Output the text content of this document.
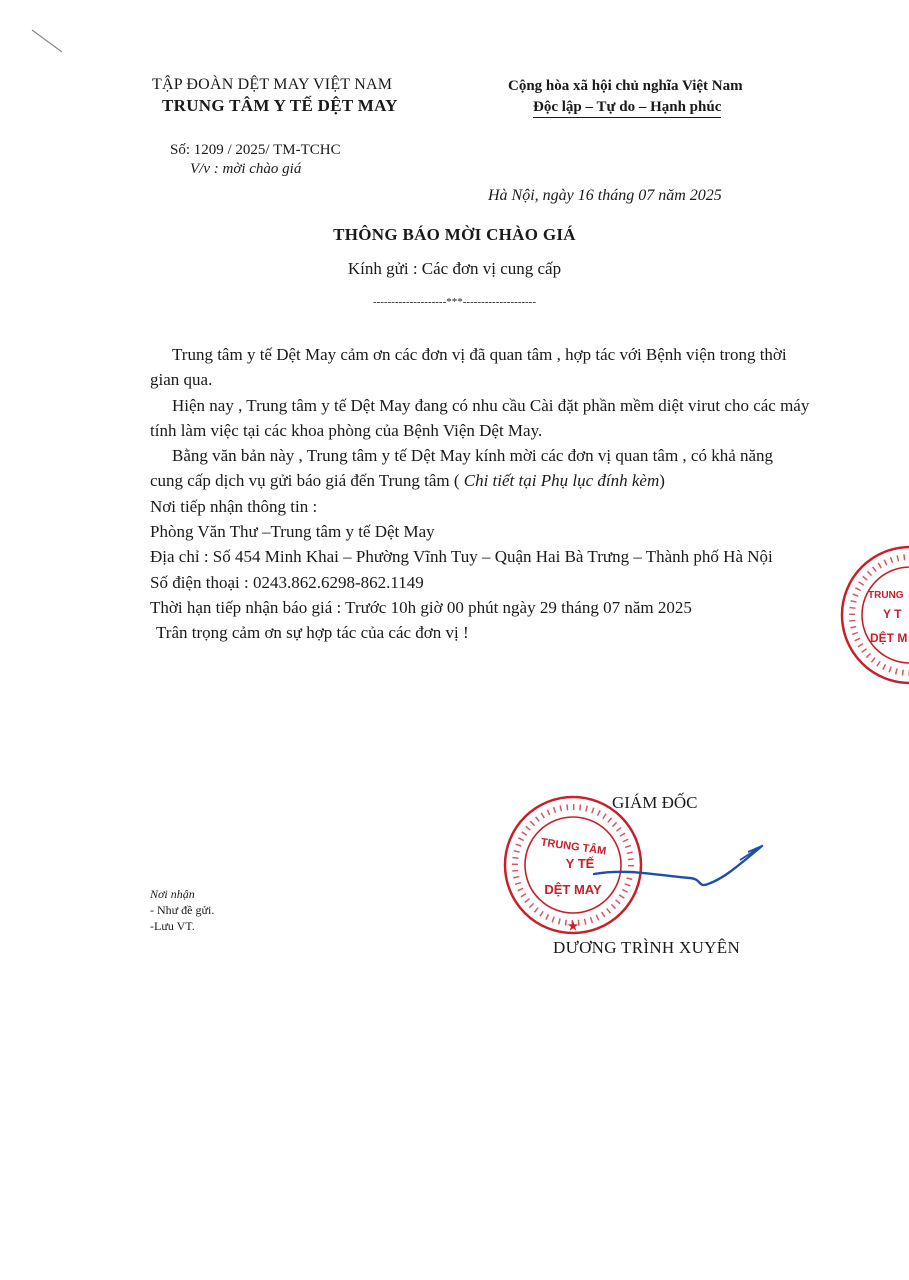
TẬP ĐOÀN DỆT MAY VIỆT NAM
TRUNG TÂM Y TẾ DỆT MAY
Cộng hòa xã hội chủ nghĩa Việt Nam
Độc lập – Tự do – Hạnh phúc
Số: 1209 / 2025/ TM-TCHC
V/v : mời chào giá
Hà Nội, ngày 16 tháng 07 năm 2025
THÔNG BÁO MỜI CHÀO GIÁ
Kính gửi : Các đơn vị cung cấp
--------------------***--------------------

Trung tâm y tế Dệt May cảm ơn các đơn vị đã quan tâm , hợp tác với Bệnh viện trong thời gian qua.

Hiện nay , Trung tâm y tế Dệt May đang có nhu cầu Cài đặt phần mềm diệt virut cho các máy tính làm việc tại các khoa phòng của Bệnh Viện Dệt May.

Bằng văn bản này , Trung tâm y tế Dệt May kính mời các đơn vị quan tâm , có khả năng cung cấp dịch vụ gửi báo giá đến Trung tâm ( Chi tiết tại Phụ lục đính kèm)

Nơi tiếp nhận thông tin :

Phòng Văn Thư –Trung tâm y tế Dệt May

Địa chỉ : Số 454 Minh Khai – Phường Vĩnh Tuy – Quận Hai Bà Trưng – Thành phố Hà Nội

Số điện thoại : 0243.862.6298-862.1149

Thời hạn tiếp nhận báo giá : Trước 10h giờ 00 phút ngày 29 tháng 07 năm 2025

Trân trọng cảm ơn sự hợp tác của các đơn vị !

TRUNG TÂM
Y TẾ
DỆT MAY
★
TRUNG
Y T
DỆT M
GIÁM ĐỐC
DƯƠNG TRÌNH XUYÊN
Nơi nhận
- Như đề gửi.
-Lưu VT.
